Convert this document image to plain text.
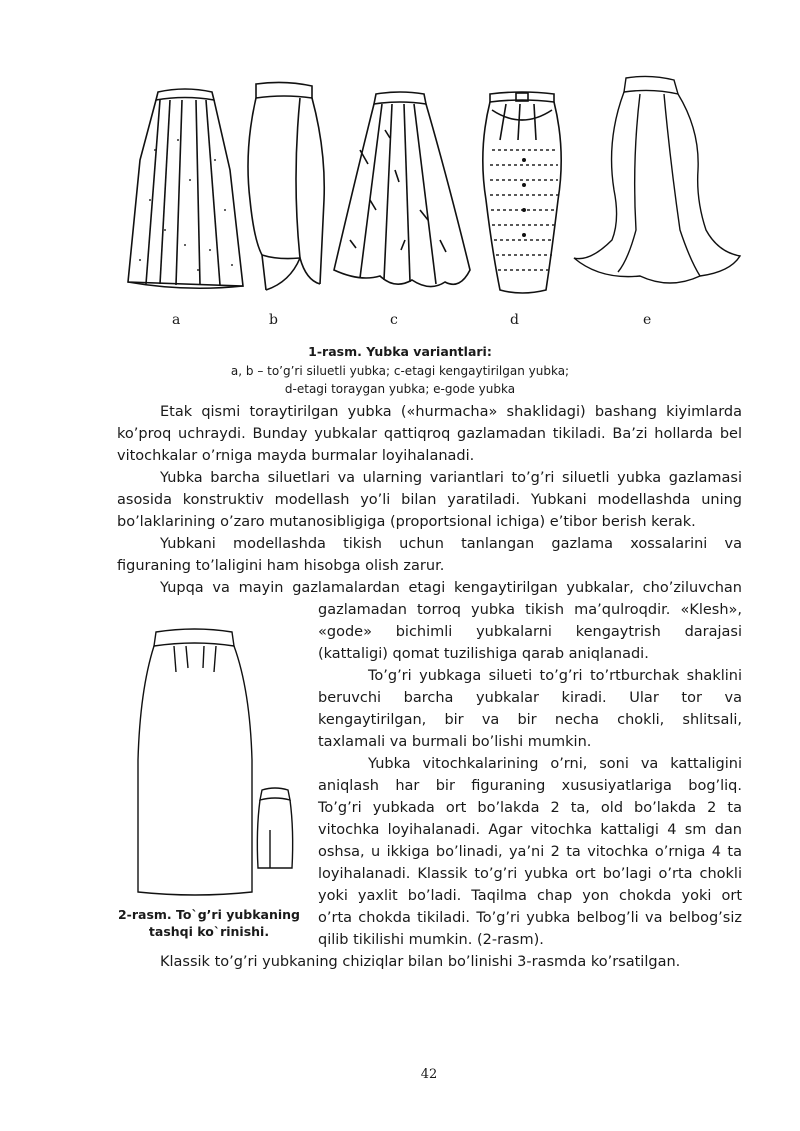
a	b	c	d	e
1-rasm. Yubka variantlari:
a, b – to’g’ri siluetli yubka; c-etagi kengaytirilgan yubka;
d-etagi toraygan yubka; e-gode yubka
Etak qismi toraytirilgan yubka («hurmacha» shaklidagi) bashang kiyimlarda
ko’proq uchraydi. Bunday yubkalar qattiqroq gazlamadan tikiladi. Ba’zi hollarda bel
vitochkalar o’rniga mayda burmalar loyihalanadi.
Yubka barcha siluetlari va ularning variantlari to’g’ri siluetli yubka gazlamasi
asosida konstruktiv modellash yo’li bilan yaratiladi. Yubkani modellashda uning
bo’laklarining o’zaro mutanosibligiga (proportsional ichiga) e’tibor berish kerak.
Yubkani modellashda tikish uchun tanlangan gazlama xossalarini va
figuraning to’laligini ham hisobga olish zarur.
Yupqa va mayin gazlamalardan etagi kengaytirilgan yubkalar, cho’ziluvchan
2-rasm. To`g’ri yubkaning
tashqi ko`rinishi.
gazlamadan torroq yubka tikish ma’qulroqdir. «Klesh»,
«gode» bichimli yubkalarni kengaytrish darajasi
(kattaligi) qomat tuzilishiga qarab aniqlanadi.
To’g’ri yubkaga silueti to’g’ri to’rtburchak shaklini
beruvchi barcha yubkalar kiradi. Ular tor va
kengaytirilgan, bir va bir necha chokli, shlitsali,
taxlamali va burmali bo’lishi mumkin.
Yubka vitochkalarining o’rni, soni va kattaligini
aniqlash har bir figuraning xususiyatlariga bog’liq.
To’g’ri yubkada ort bo’lakda 2 ta, old bo’lakda 2 ta
vitochka loyihalanadi. Agar vitochka kattaligi 4 sm dan
oshsa, u ikkiga bo’linadi, ya’ni 2 ta vitochka o’rniga 4 ta
loyihalanadi. Klassik to’g’ri yubka ort bo’lagi o’rta chokli
yoki yaxlit bo’ladi. Taqilma chap yon chokda yoki ort
o’rta chokda tikiladi. To’g’ri yubka belbog’li va belbog’siz
qilib tikilishi mumkin. (2-rasm).
Klassik to’g’ri yubkaning chiziqlar bilan bo’linishi 3-rasmda ko’rsatilgan.
42
